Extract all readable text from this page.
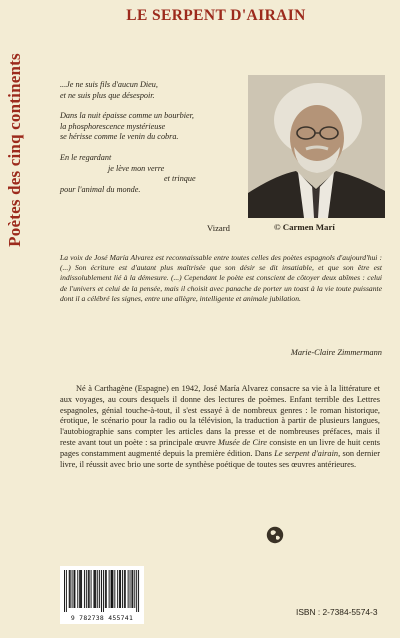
Poètes des cinq continents
LE SERPENT D'AIRAIN

...Je ne suis fils d'aucun Dieu,
et ne suis plus que désespoir.

Dans la nuit épaisse comme un bourbier,
la phosphorescence mystérieuse
se hérisse comme le venin du cobra.

En le regardant
je lève mon verre
et trinque
pour l'animal du monde.

Vizard	© Carmen Marí
La voix de José María Alvarez est reconnaissable entre toutes celles des poètes espagnols d'aujourd'hui : (...) Son écriture est d'autant plus maîtrisée que son désir se dit insatiable, et que son être est indissolublement lié à la démesure. (...) Cependant le poète est conscient de côtoyer deux abîmes : celui de l'univers et celui de la pensée, mais il choisit avec panache de porter un toast à la vie toute puissante dont il a célébré les signes, entre une allègre, intelligente et animale jubilation.
Marie-Claire Zimmermann
Né à Carthagène (Espagne) en 1942, José María Alvarez consacre sa vie à la littérature et aux voyages, au cours desquels il donne des lectures de poèmes. Enfant terrible des Lettres espagnoles, génial touche-à-tout, il s'est essayé à de nombreux genres : le roman historique, érotique, le scénario pour la radio ou la télévision, la traduction à partir de plusieurs langues, l'autobiographie sans compter les articles dans la presse et de nombreuses préfaces, mais il reste avant tout un poète : sa principale œuvre Musée de Cire consiste en un livre de huit cents pages constamment augmenté depuis la première édition. Dans Le serpent d'airain, son dernier livre, il réussit avec brio une sorte de synthèse poétique de toutes ses œuvres antérieures.
9 782738 455741
ISBN : 2-7384-5574-3
